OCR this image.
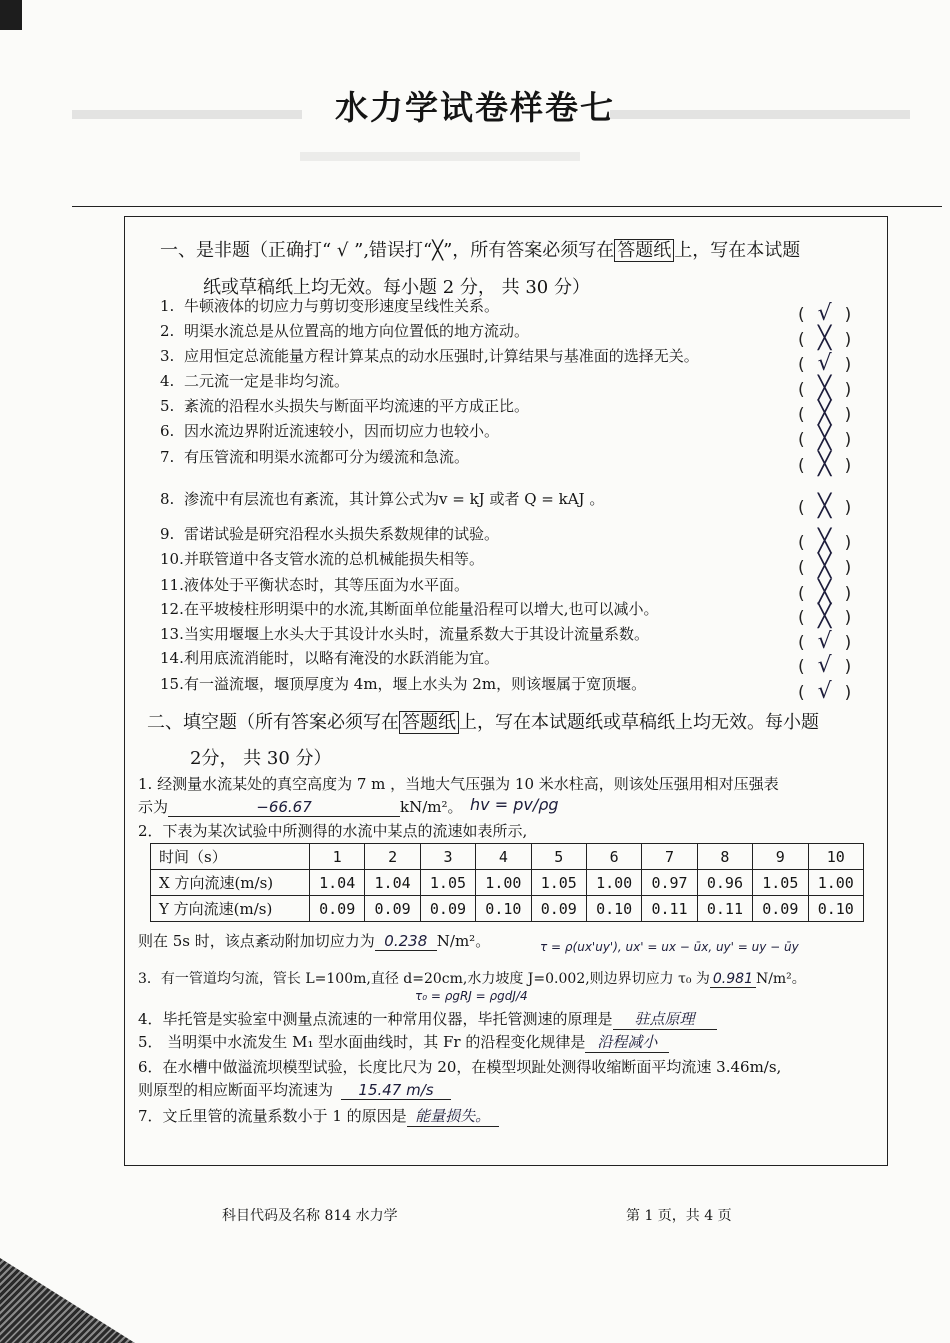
水力学试卷样卷七
一、是非题（正确打“ √ ”,错误打“╳”，所有答案必须写在 答题纸 上，写在本试题
纸或草稿纸上均无效。每小题 2 分， 共 30 分）
1. 牛顿液体的切应力与剪切变形速度呈线性关系。	( √ )
2. 明渠水流总是从位置高的地方向位置低的地方流动。	( ╳ )
3. 应用恒定总流能量方程计算某点的动水压强时,计算结果与基准面的选择无关。	( √ )
4. 二元流一定是非均匀流。	( ╳ )
5. 紊流的沿程水头损失与断面平均流速的平方成正比。	( ╳ )
6. 因水流边界附近流速较小，因而切应力也较小。	( ╳ )
7. 有压管流和明渠水流都可分为缓流和急流。	( ╳ )
8. 渗流中有层流也有紊流，其计算公式为v = kJ 或者 Q = kAJ 。	( ╳ )
9. 雷诺试验是研究沿程水头损失系数规律的试验。	( ╳ )
10.并联管道中各支管水流的总机械能损失相等。	( ╳ )
11.液体处于平衡状态时，其等压面为水平面。	( ╳ )
12.在平坡棱柱形明渠中的水流,其断面单位能量沿程可以增大,也可以减小。	( ╳ )
13.当实用堰堰上水头大于其设计水头时，流量系数大于其设计流量系数。	( √ )
14.利用底流消能时，以略有淹没的水跃消能为宜。	( √ )
15.有一溢流堰，堰顶厚度为 4m，堰上水头为 2m，则该堰属于宽顶堰。	( √ )
二、填空题（所有答案必须写在 答题纸 上，写在本试题纸或草稿纸上均无效。每小题
2分， 共 30 分）
1. 经测量水流某处的真空高度为 7 m ，当地大气压强为 10 米水柱高，则该处压强用相对压强表
示为	−66.67	kN/m²。 hv = pv/ρg
2．下表为某次试验中所测得的水流中某点的流速如表所示,
时间（s）	1	2	3	4	5	6	7	8	9	10
X 方向流速(m/s)	1.04	1.04	1.05	1.00	1.05	1.00	0.97	0.96	1.05	1.00
Y 方向流速(m/s)	0.09	0.09	0.09	0.10	0.09	0.10	0.11	0.11	0.09	0.10
则在 5s 时，该点紊动附加切应力为 0.238 N/m²。	τ = ρ(ux'uy'), ux' = ux − ūx, uy' = uy − ūy
3．有一管道均匀流，管长 L=100m,直径 d=20cm,水力坡度 J=0.002,则边界切应力 τ₀ 为 0.981 N/m²。
τ₀ = ρgRJ = ρgdJ/4
4．毕托管是实验室中测量点流速的一种常用仪器，毕托管测速的原理是 驻点原理
5． 当明渠中水流发生 M₁ 型水面曲线时，其 Fr 的沿程变化规律是 沿程减小
6．在水槽中做溢流坝模型试验，长度比尺为 20，在模型坝趾处测得收缩断面平均流速 3.46m/s,
则原型的相应断面平均流速为 15.47 m/s
7．文丘里管的流量系数小于 1 的原因是 能量损失。
科目代码及名称 814 水力学	第 1 页，共 4 页
